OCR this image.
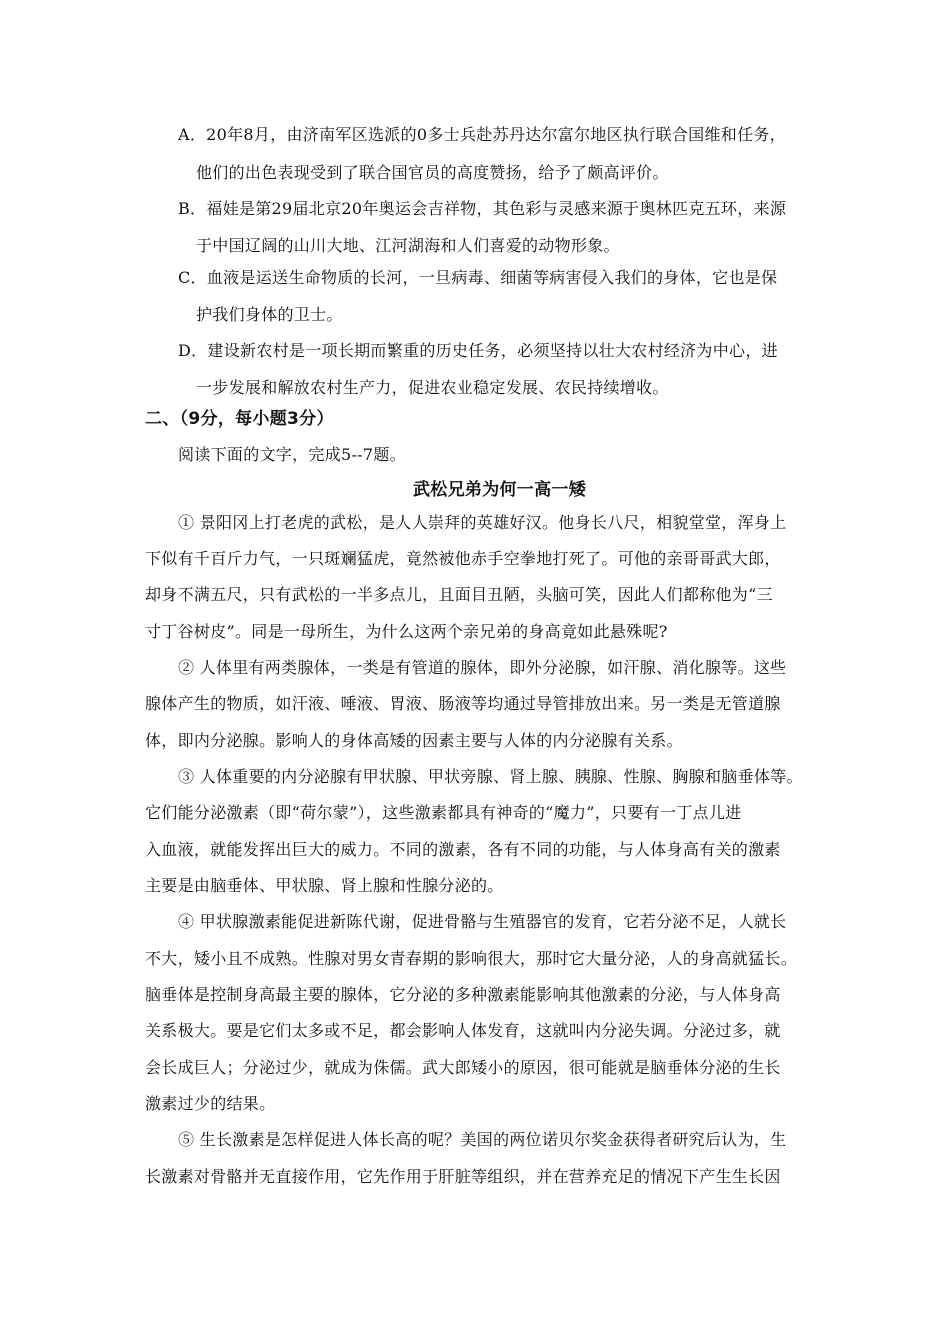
A．20年8月，由济南军区选派的0多士兵赴苏丹达尔富尔地区执行联合国维和任务，
他们的出色表现受到了联合国官员的高度赞扬，给予了颇高评价。
B．福娃是第29届北京20年奥运会吉祥物，其色彩与灵感来源于奥林匹克五环，来源
于中国辽阔的山川大地、江河湖海和人们喜爱的动物形象。
C．血液是运送生命物质的长河，一旦病毒、细菌等病害侵入我们的身体，它也是保
护我们身体的卫士。
D．建设新农村是一项长期而繁重的历史任务，必须坚持以壮大农村经济为中心，进
一步发展和解放农村生产力，促进农业稳定发展、农民持续增收。
二、（9分，每小题3分）
阅读下面的文字，完成5--7题。
武松兄弟为何一高一矮
① 景阳冈上打老虎的武松，是人人崇拜的英雄好汉。他身长八尺，相貌堂堂，浑身上
下似有千百斤力气，一只斑斓猛虎，竟然被他赤手空拳地打死了。可他的亲哥哥武大郎，
却身不满五尺，只有武松的一半多点儿，且面目丑陋，头脑可笑，因此人们都称他为“三
寸丁谷树皮”。同是一母所生，为什么这两个亲兄弟的身高竟如此悬殊呢?
② 人体里有两类腺体，一类是有管道的腺体，即外分泌腺，如汗腺、消化腺等。这些
腺体产生的物质，如汗液、唾液、胃液、肠液等均通过导管排放出来。另一类是无管道腺
体，即内分泌腺。影响人的身体高矮的因素主要与人体的内分泌腺有关系。
③ 人体重要的内分泌腺有甲状腺、甲状旁腺、肾上腺、胰腺、性腺、胸腺和脑垂体等。
它们能分泌激素（即“荷尔蒙”），这些激素都具有神奇的“魔力”，只要有一丁点儿进
入血液，就能发挥出巨大的威力。不同的激素，各有不同的功能，与人体身高有关的激素
主要是由脑垂体、甲状腺、肾上腺和性腺分泌的。
④ 甲状腺激素能促进新陈代谢，促进骨骼与生殖器官的发育，它若分泌不足，人就长
不大，矮小且不成熟。性腺对男女青春期的影响很大，那时它大量分泌，人的身高就猛长。
脑垂体是控制身高最主要的腺体，它分泌的多种激素能影响其他激素的分泌，与人体身高
关系极大。要是它们太多或不足，都会影响人体发育，这就叫内分泌失调。分泌过多，就
会长成巨人；分泌过少，就成为侏儒。武大郎矮小的原因，很可能就是脑垂体分泌的生长
激素过少的结果。
⑤ 生长激素是怎样促进人体长高的呢？美国的两位诺贝尔奖金获得者研究后认为，生
长激素对骨骼并无直接作用，它先作用于肝脏等组织，并在营养充足的情况下产生生长因
